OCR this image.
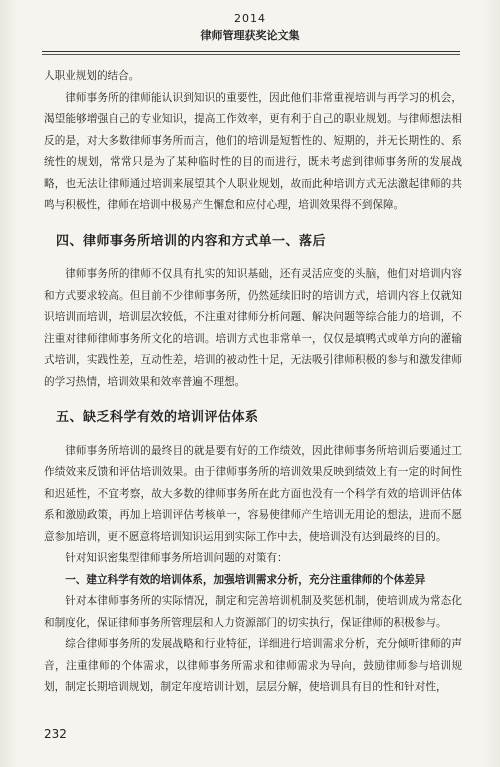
2014
律师管理获奖论文集

人职业规划的结合。

律师事务所的律师能认识到知识的重要性，因此他们非常重视培训与再学习的机会，渴望能够增强自己的专业知识，提高工作效率，更有利于自己的职业规划。与律师想法相反的是，对大多数律师事务所而言，他们的培训是短暂性的、短期的，并无长期性的、系统性的规划，常常只是为了某种临时性的目的而进行，既未考虑到律师事务所的发展战略，也无法让律师通过培训来展望其个人职业规划，故而此种培训方式无法激起律师的共鸣与积极性，律师在培训中极易产生懈怠和应付心理，培训效果得不到保障。

四、律师事务所培训的内容和方式单一、落后

律师事务所的律师不仅具有扎实的知识基础，还有灵活应变的头脑，他们对培训内容和方式要求较高。但目前不少律师事务所，仍然延续旧时的培训方式，培训内容上仅就知识培训而培训，培训层次较低，不注重对律师分析问题、解决问题等综合能力的培训，不注重对律师律师事务所文化的培训。培训方式也非常单一，仅仅是填鸭式或单方向的灌输式培训，实践性差，互动性差，培训的被动性十足，无法吸引律师积极的参与和激发律师的学习热情，培训效果和效率普遍不理想。

五、缺乏科学有效的培训评估体系

律师事务所培训的最终目的就是要有好的工作绩效，因此律师事务所培训后要通过工作绩效来反馈和评估培训效果。由于律师事务所的培训效果反映到绩效上有一定的时间性和迟延性，不宜考察，故大多数的律师事务所在此方面也没有一个科学有效的培训评估体系和激励政策，再加上培训评估考核单一，容易使律师产生培训无用论的想法，进而不愿意参加培训，更不愿意将培训知识运用到实际工作中去，使培训没有达到最终的目的。

针对知识密集型律师事务所培训问题的对策有：

一、建立科学有效的培训体系，加强培训需求分析，充分注重律师的个体差异

针对本律师事务所的实际情况，制定和完善培训机制及奖惩机制，使培训成为常态化和制度化，保证律师事务所管理层和人力资源部门的切实执行，保证律师的积极参与。

综合律师事务所的发展战略和行业特征，详细进行培训需求分析，充分倾听律师的声音，注重律师的个体需求，以律师事务所需求和律师需求为导向，鼓励律师参与培训规划，制定长期培训规划，制定年度培训计划，层层分解，使培训具有目的性和针对性，

232
